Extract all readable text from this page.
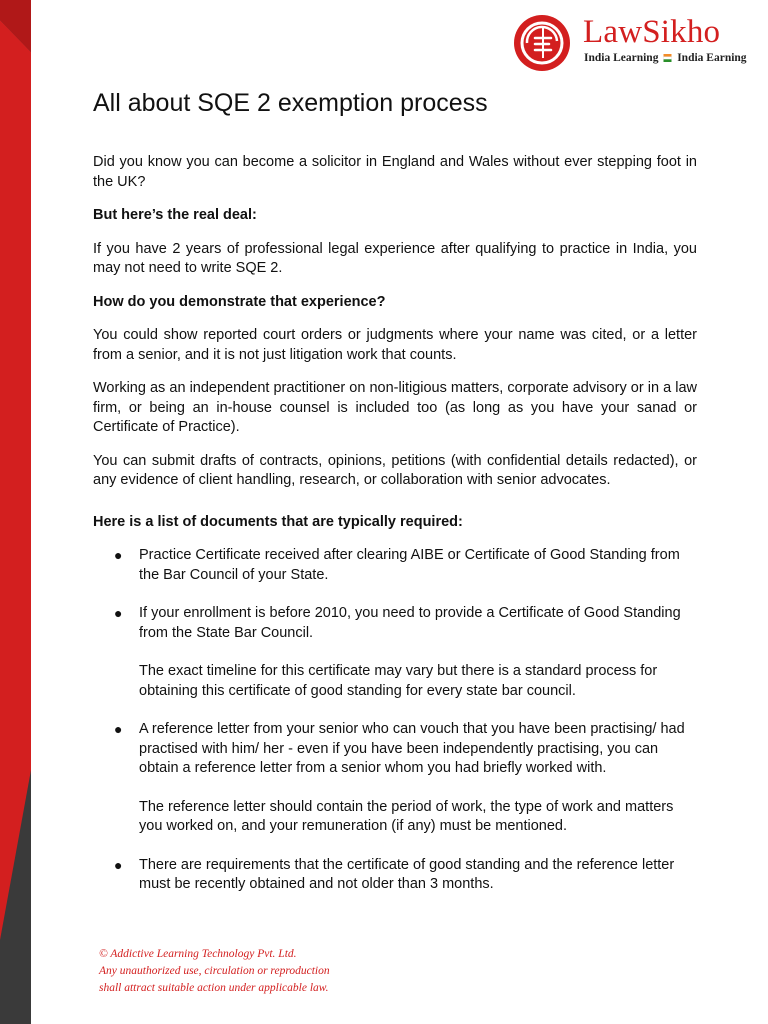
LawSikho
India Learning India Earning
All about SQE 2 exemption process

Did you know you can become a solicitor in England and Wales without ever stepping foot in the UK?

But here’s the real deal:

If you have 2 years of professional legal experience after qualifying to practice in India, you may not need to write SQE 2.

How do you demonstrate that experience?

You could show reported court orders or judgments where your name was cited, or a letter from a senior, and it is not just litigation work that counts.

Working as an independent practitioner on non-litigious matters, corporate advisory or in a law firm, or being an in-house counsel is included too (as long as you have your sanad or Certificate of Practice).

You can submit drafts of contracts, opinions, petitions (with confidential details redacted), or any evidence of client handling, research, or collaboration with senior advocates.

Here is a list of documents that are typically required:

● Practice Certificate received after clearing AIBE or Certificate of Good Standing from the Bar Council of your State.
● If your enrollment is before 2010, you need to provide a Certificate of Good Standing from the State Bar Council.
The exact timeline for this certificate may vary but there is a standard process for obtaining this certificate of good standing for every state bar council.
● A reference letter from your senior who can vouch that you have been practising/ had practised with him/ her - even if you have been independently practising, you can obtain a reference letter from a senior whom you had briefly worked with.
The reference letter should contain the period of work, the type of work and matters you worked on, and your remuneration (if any) must be mentioned.
● There are requirements that the certificate of good standing and the reference letter must be recently obtained and not older than 3 months.
© Addictive Learning Technology Pvt. Ltd.
Any unauthorized use, circulation or reproduction
shall attract suitable action under applicable law.
